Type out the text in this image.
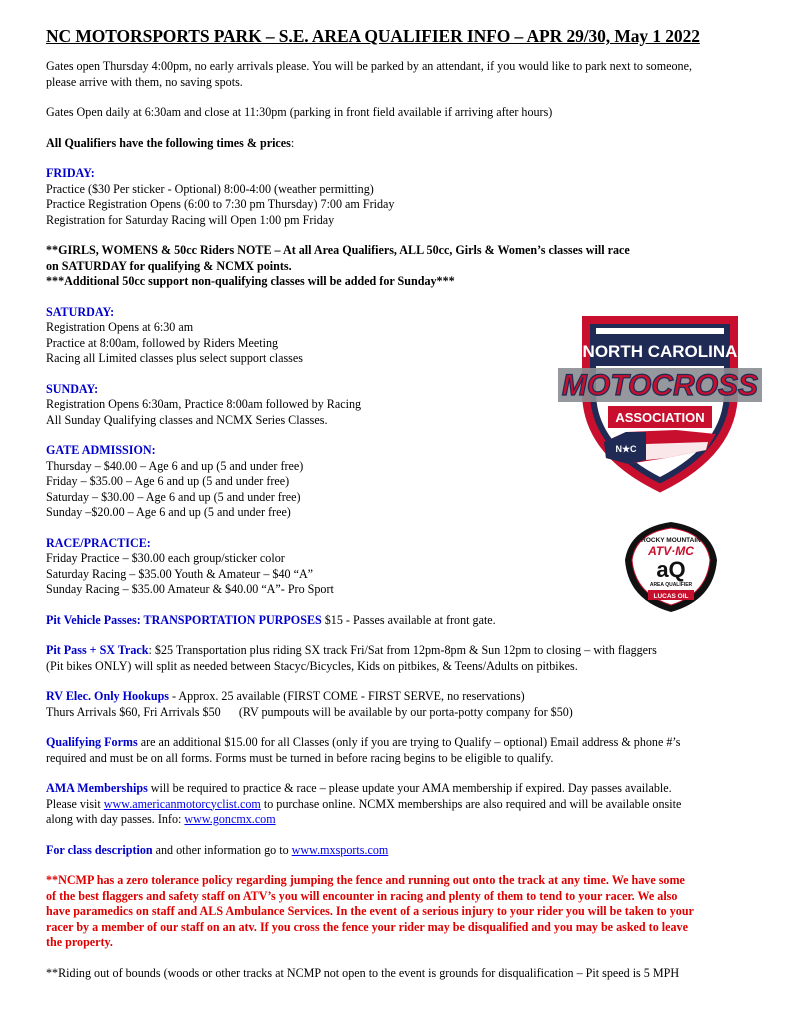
NC MOTORSPORTS PARK – S.E. AREA QUALIFIER INFO – APR 29/30, May 1 2022
Gates open Thursday 4:00pm, no early arrivals please. You will be parked by an attendant, if you would like to park next to someone,
please arrive with them, no saving spots.

Gates Open daily at 6:30am and close at 11:30pm (parking in front field available if arriving after hours)

All Qualifiers have the following times & prices:

FRIDAY:
Practice ($30 Per sticker - Optional) 8:00-4:00 (weather permitting)
Practice Registration Opens (6:00 to 7:30 pm Thursday) 7:00 am Friday
Registration for Saturday Racing will Open 1:00 pm Friday
**GIRLS, WOMENS & 50cc Riders NOTE – At all Area Qualifiers, ALL 50cc, Girls & Women’s classes will race
on SATURDAY for qualifying & NCMX points.
***Additional 50cc support non-qualifying classes will be added for Sunday***
SATURDAY:
Registration Opens at 6:30 am
Practice at 8:00am, followed by Riders Meeting
Racing all Limited classes plus select support classes
SUNDAY:
Registration Opens 6:30am, Practice 8:00am followed by Racing
All Sunday Qualifying classes and NCMX Series Classes.
GATE ADMISSION:
Thursday – $40.00 – Age 6 and up (5 and under free)
Friday – $35.00 – Age 6 and up (5 and under free)
Saturday – $30.00 – Age 6 and up (5 and under free)
Sunday –$20.00 – Age 6 and up (5 and under free)
RACE/PRACTICE:
Friday Practice – $30.00 each group/sticker color
Saturday Racing – $35.00 Youth & Amateur – $40 “A”
Sunday Racing – $35.00 Amateur & $40.00 “A”- Pro Sport

Pit Vehicle Passes: TRANSPORTATION PURPOSES $15 - Passes available at front gate.

Pit Pass + SX Track: $25 Transportation plus riding SX track Fri/Sat from 12pm-8pm & Sun 12pm to closing – with flaggers
(Pit bikes ONLY) will split as needed between Stacyc/Bicycles, Kids on pitbikes, & Teens/Adults on pitbikes.
RV Elec. Only Hookups - Approx. 25 available (FIRST COME - FIRST SERVE, no reservations)
Thurs Arrivals $60, Fri Arrivals $50      (RV pumpouts will be available by our porta-potty company for $50)
Qualifying Forms are an additional $15.00 for all Classes (only if you are trying to Qualify – optional) Email address & phone #’s
required and must be on all forms. Forms must be turned in before racing begins to be eligible to qualify.
AMA Memberships will be required to practice & race – please update your AMA membership if expired. Day passes available.
Please visit www.americanmotorcyclist.com to purchase online. NCMX memberships are also required and will be available onsite
along with day passes. Info: www.goncmx.com

For class description and other information go to www.mxsports.com

**NCMP has a zero tolerance policy regarding jumping the fence and running out onto the track at any time. We have some
of the best flaggers and safety staff on ATV’s you will encounter in racing and plenty of them to tend to your racer. We also
have paramedics on staff and ALS Ambulance Services. In the event of a serious injury to your rider you will be taken to your
racer by a member of our staff on an atv. If you cross the fence your rider may be disqualified and you may be asked to leave
the property.

**Riding out of bounds (woods or other tracks at NCMP not open to the event is grounds for disqualification – Pit speed is 5 MPH

NORTH CAROLINA
MOTOCROSS
ASSOCIATION
N★C
ROCKY MOUNTAIN
ATV·MC
aQ
AREA QUALIFIER
LUCAS OIL
